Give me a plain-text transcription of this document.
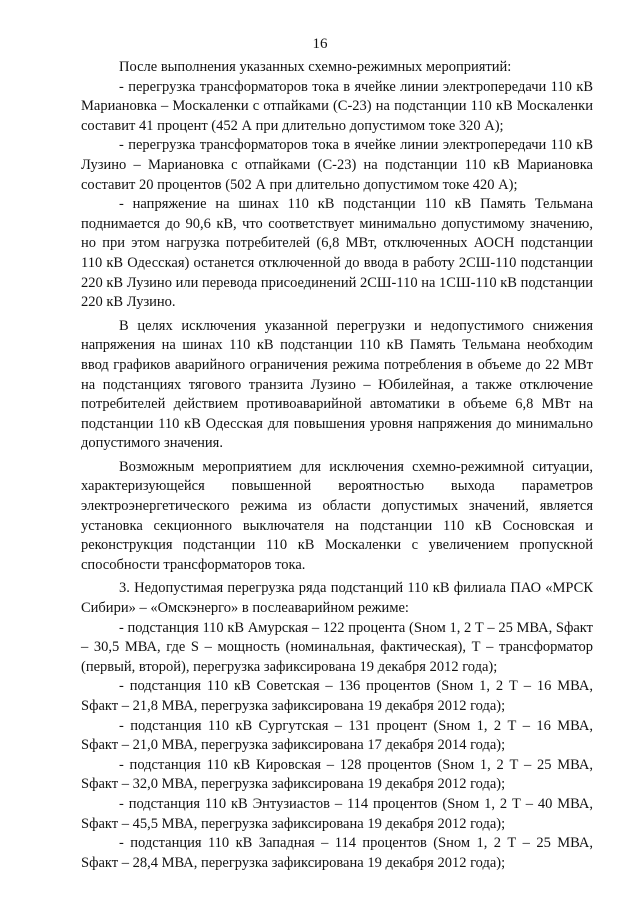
16

После выполнения указанных схемно-режимных мероприятий:

- перегрузка трансформаторов тока в ячейке линии электропередачи 110 кВ Мариановка – Москаленки с отпайками (С-23) на подстанции 110 кВ Москаленки составит 41 процент (452 А при длительно допустимом токе 320 А);

- перегрузка трансформаторов тока в ячейке линии электропередачи 110 кВ Лузино – Мариановка с отпайками (С-23) на подстанции 110 кВ Мариановка составит 20 процентов (502 А при длительно допустимом токе 420 А);

- напряжение на шинах 110 кВ подстанции 110 кВ Память Тельмана поднимается до 90,6 кВ, что соответствует минимально допустимому значению, но при этом нагрузка потребителей (6,8 МВт, отключенных АОСН подстанции 110 кВ Одесская) останется отключенной до ввода в работу 2СШ-110 подстанции 220 кВ Лузино или перевода присоединений 2СШ-110 на 1СШ-110 кВ подстанции 220 кВ Лузино.

В целях исключения указанной перегрузки и недопустимого снижения напряжения на шинах 110 кВ подстанции 110 кВ Память Тельмана необходим ввод графиков аварийного ограничения режима потребления в объеме до 22 МВт на подстанциях тягового транзита Лузино – Юбилейная, а также отключение потребителей действием противоаварийной автоматики в объеме 6,8 МВт на подстанции 110 кВ Одесская для повышения уровня напряжения до минимально допустимого значения.

Возможным мероприятием для исключения схемно-режимной ситуации, характеризующейся повышенной вероятностью выхода параметров электроэнергетического режима из области допустимых значений, является установка секционного выключателя на подстанции 110 кВ Сосновская и реконструкция подстанции 110 кВ Москаленки с увеличением пропускной способности трансформаторов тока.

3. Недопустимая перегрузка ряда подстанций 110 кВ филиала ПАО «МРСК Сибири» – «Омскэнерго» в послеаварийном режиме:

- подстанция 110 кВ Амурская – 122 процента (Sном 1, 2 Т – 25 МВА, Sфакт – 30,5 МВА, где S – мощность (номинальная, фактическая), Т – трансформатор (первый, второй), перегрузка зафиксирована 19 декабря 2012 года);

- подстанция 110 кВ Советская – 136 процентов (Sном 1, 2 Т – 16 МВА, Sфакт – 21,8 МВА, перегрузка зафиксирована 19 декабря 2012 года);

- подстанция 110 кВ Сургутская – 131 процент (Sном 1, 2 Т – 16 МВА, Sфакт – 21,0 МВА, перегрузка зафиксирована 17 декабря 2014 года);

- подстанция 110 кВ Кировская – 128 процентов (Sном 1, 2 Т – 25 МВА, Sфакт – 32,0 МВА, перегрузка зафиксирована 19 декабря 2012 года);

- подстанция 110 кВ Энтузиастов – 114 процентов (Sном 1, 2 Т – 40 МВА, Sфакт – 45,5 МВА, перегрузка зафиксирована 19 декабря 2012 года);

- подстанция 110 кВ Западная – 114 процентов (Sном 1, 2 Т – 25 МВА, Sфакт – 28,4 МВА, перегрузка зафиксирована 19 декабря 2012 года);
